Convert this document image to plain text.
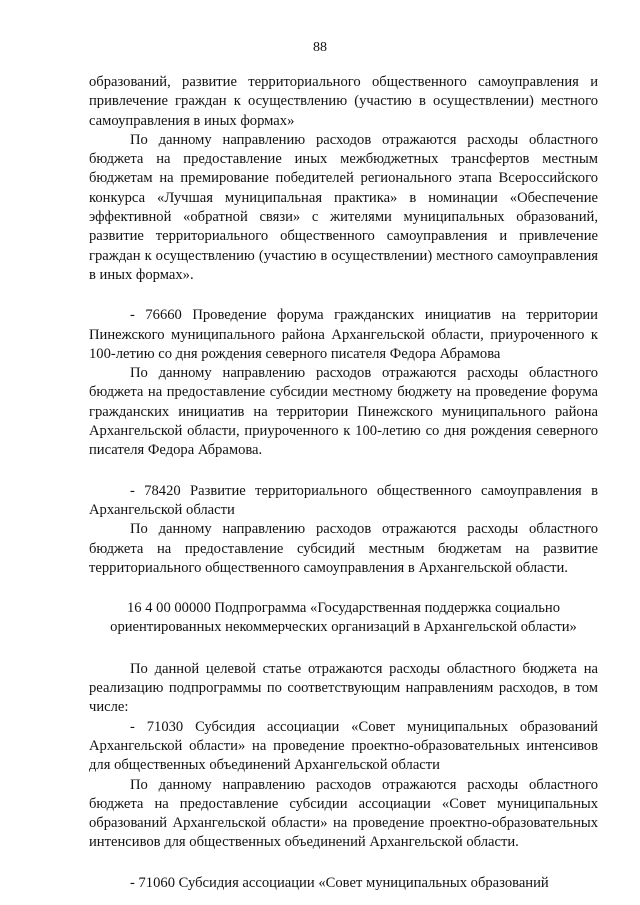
88

образований, развитие территориального общественного самоуправления и привлечение граждан к осуществлению (участию в осуществлении) местного самоуправления в иных формах»

По данному направлению расходов отражаются расходы областного бюджета на предоставление иных межбюджетных трансфертов местным бюджетам на премирование победителей регионального этапа Всероссийского конкурса «Лучшая муниципальная практика» в номинации «Обеспечение эффективной «обратной связи» с жителями муниципальных образований, развитие территориального общественного самоуправления и привлечение граждан к осуществлению (участию в осуществлении) местного самоуправления в иных формах».

- 76660 Проведение форума гражданских инициатив на территории Пинежского муниципального района Архангельской области, приуроченного к 100-летию со дня рождения северного писателя Федора Абрамова

По данному направлению расходов отражаются расходы областного бюджета на предоставление субсидии местному бюджету на проведение форума гражданских инициатив на территории Пинежского муниципального района Архангельской области, приуроченного к 100-летию со дня рождения северного писателя Федора Абрамова.

- 78420 Развитие территориального общественного самоуправления в Архангельской области

По данному направлению расходов отражаются расходы областного бюджета на предоставление субсидий местным бюджетам на развитие территориального общественного самоуправления в Архангельской области.

16 4 00 00000 Подпрограмма «Государственная поддержка социально ориентированных некоммерческих организаций в Архангельской области»

По данной целевой статье отражаются расходы областного бюджета на реализацию подпрограммы по соответствующим направлениям расходов, в том числе:

- 71030 Субсидия ассоциации «Совет муниципальных образований Архангельской области» на проведение проектно-образовательных интенсивов для общественных объединений Архангельской области

По данному направлению расходов отражаются расходы областного бюджета на предоставление субсидии ассоциации «Совет муниципальных образований Архангельской области» на проведение проектно-образовательных интенсивов для общественных объединений Архангельской области.

- 71060 Субсидия ассоциации «Совет муниципальных образований
